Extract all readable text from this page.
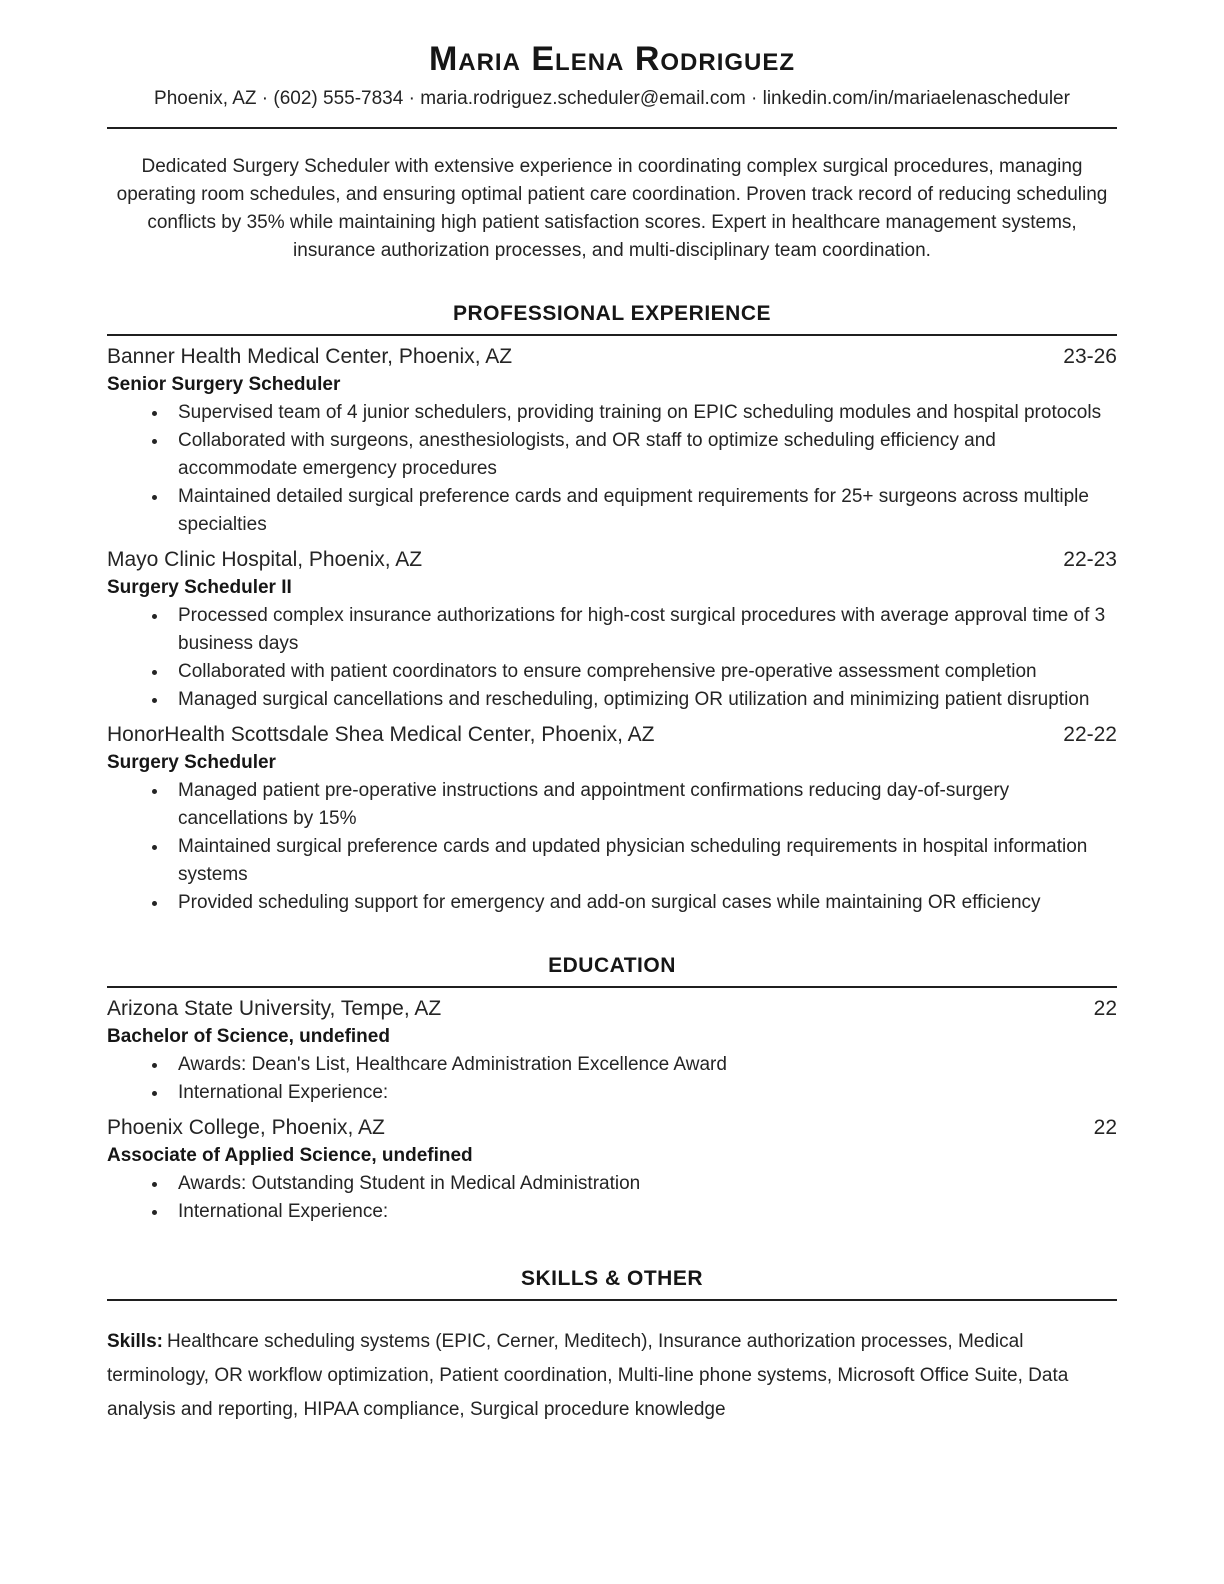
Maria Elena Rodriguez
Phoenix, AZ · (602) 555-7834 · maria.rodriguez.scheduler@email.com · linkedin.com/in/mariaelenascheduler

Dedicated Surgery Scheduler with extensive experience in coordinating complex surgical procedures, managing operating room schedules, and ensuring optimal patient care coordination. Proven track record of reducing scheduling conflicts by 35% while maintaining high patient satisfaction scores. Expert in healthcare management systems, insurance authorization processes, and multi-disciplinary team coordination.

PROFESSIONAL EXPERIENCE
Banner Health Medical Center, Phoenix, AZ	23-26
Senior Surgery Scheduler
• Supervised team of 4 junior schedulers, providing training on EPIC scheduling modules and hospital protocols
• Collaborated with surgeons, anesthesiologists, and OR staff to optimize scheduling efficiency and accommodate emergency procedures
• Maintained detailed surgical preference cards and equipment requirements for 25+ surgeons across multiple specialties
Mayo Clinic Hospital, Phoenix, AZ	22-23
Surgery Scheduler II
• Processed complex insurance authorizations for high-cost surgical procedures with average approval time of 3 business days
• Collaborated with patient coordinators to ensure comprehensive pre-operative assessment completion
• Managed surgical cancellations and rescheduling, optimizing OR utilization and minimizing patient disruption
HonorHealth Scottsdale Shea Medical Center, Phoenix, AZ	22-22
Surgery Scheduler
• Managed patient pre-operative instructions and appointment confirmations reducing day-of-surgery cancellations by 15%
• Maintained surgical preference cards and updated physician scheduling requirements in hospital information systems
• Provided scheduling support for emergency and add-on surgical cases while maintaining OR efficiency
EDUCATION
Arizona State University, Tempe, AZ	22
Bachelor of Science, undefined
• Awards: Dean's List, Healthcare Administration Excellence Award
• International Experience:
Phoenix College, Phoenix, AZ	22
Associate of Applied Science, undefined
• Awards: Outstanding Student in Medical Administration
• International Experience:
SKILLS & OTHER

Skills: Healthcare scheduling systems (EPIC, Cerner, Meditech), Insurance authorization processes, Medical terminology, OR workflow optimization, Patient coordination, Multi-line phone systems, Microsoft Office Suite, Data analysis and reporting, HIPAA compliance, Surgical procedure knowledge
